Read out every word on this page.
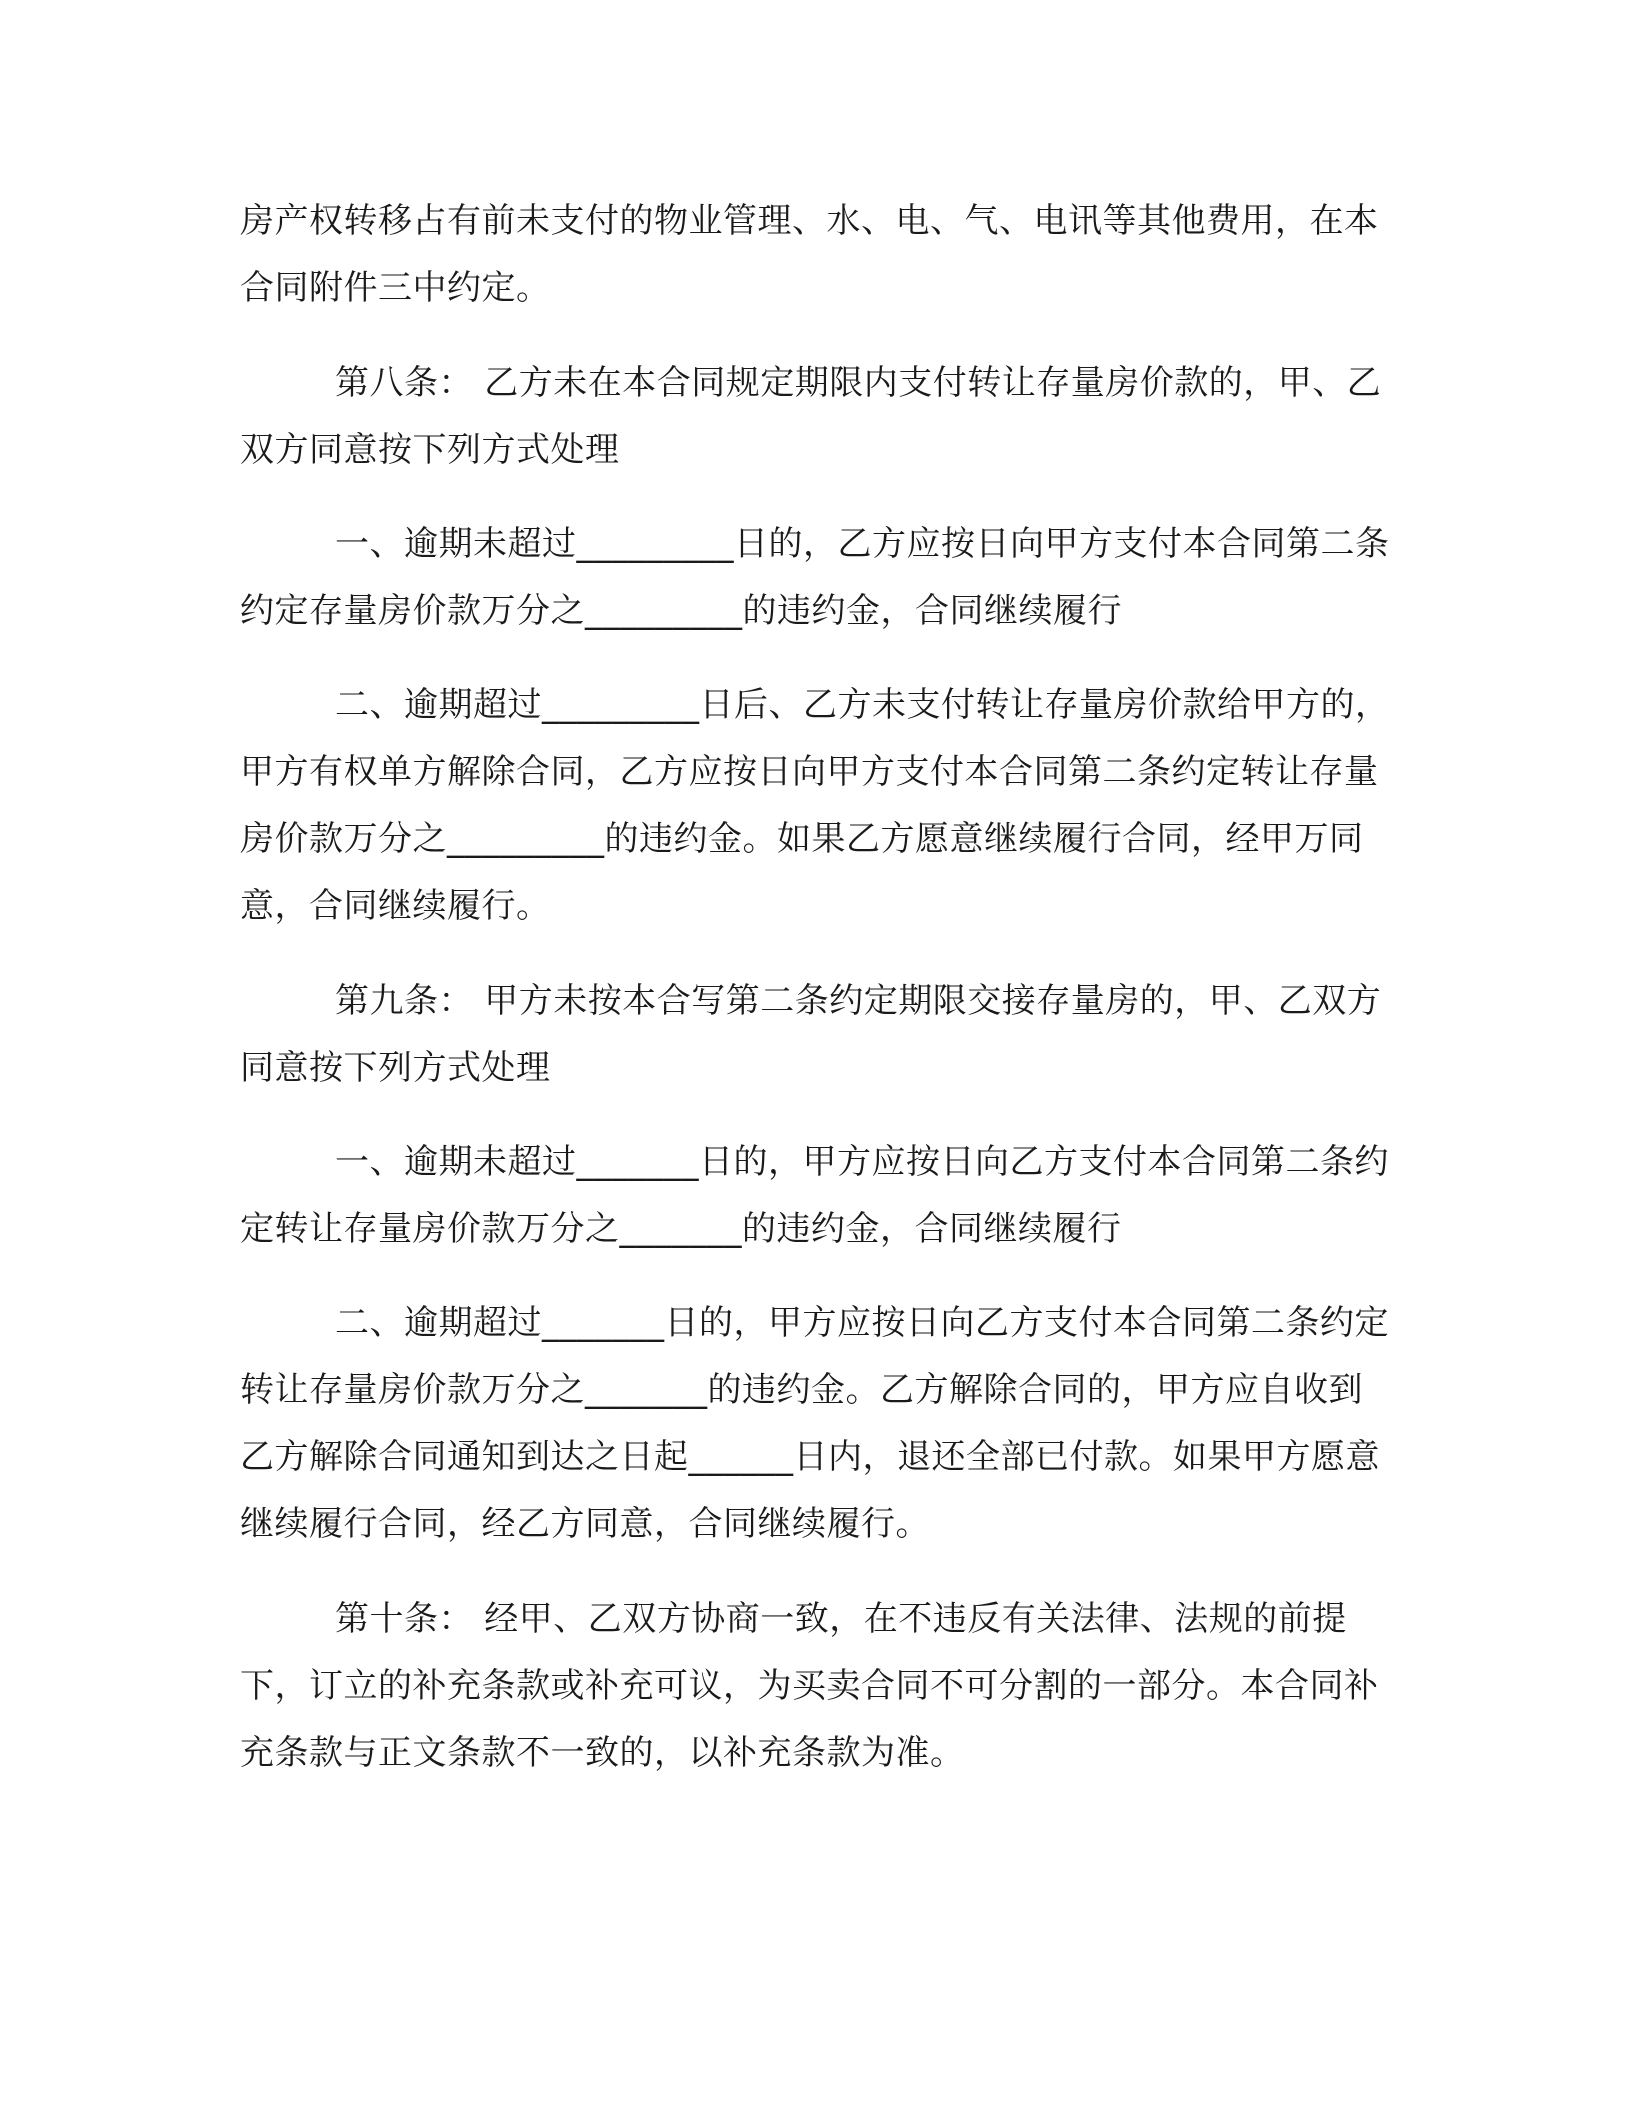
房产权转移占有前未支付的物业管理、水、电、气、电讯等其他费用，在本合同附件三中约定。

第八条： 乙方未在本合同规定期限内支付转让存量房价款的，甲、乙双方同意按下列方式处理

一、逾期未超过_________日的，乙方应按日向甲方支付本合同第二条约定存量房价款万分之_________的违约金，合同继续履行

二、逾期超过_________日后、乙方未支付转让存量房价款给甲方的，甲方有权单方解除合同，乙方应按日向甲方支付本合同第二条约定转让存量房价款万分之_________的违约金。如果乙方愿意继续履行合同，经甲万同意，合同继续履行。

第九条： 甲方未按本合写第二条约定期限交接存量房的，甲、乙双方同意按下列方式处理

一、逾期未超过_______日的，甲方应按日向乙方支付本合同第二条约定转让存量房价款万分之_______的违约金，合同继续履行

二、逾期超过_______日的，甲方应按日向乙方支付本合同第二条约定转让存量房价款万分之_______的违约金。乙方解除合同的，甲方应自收到乙方解除合同通知到达之日起______日内，退还全部已付款。如果甲方愿意继续履行合同，经乙方同意，合同继续履行。

第十条： 经甲、乙双方协商一致，在不违反有关法律、法规的前提下，订立的补充条款或补充可议，为买卖合同不可分割的一部分。本合同补充条款与正文条款不一致的，以补充条款为准。
